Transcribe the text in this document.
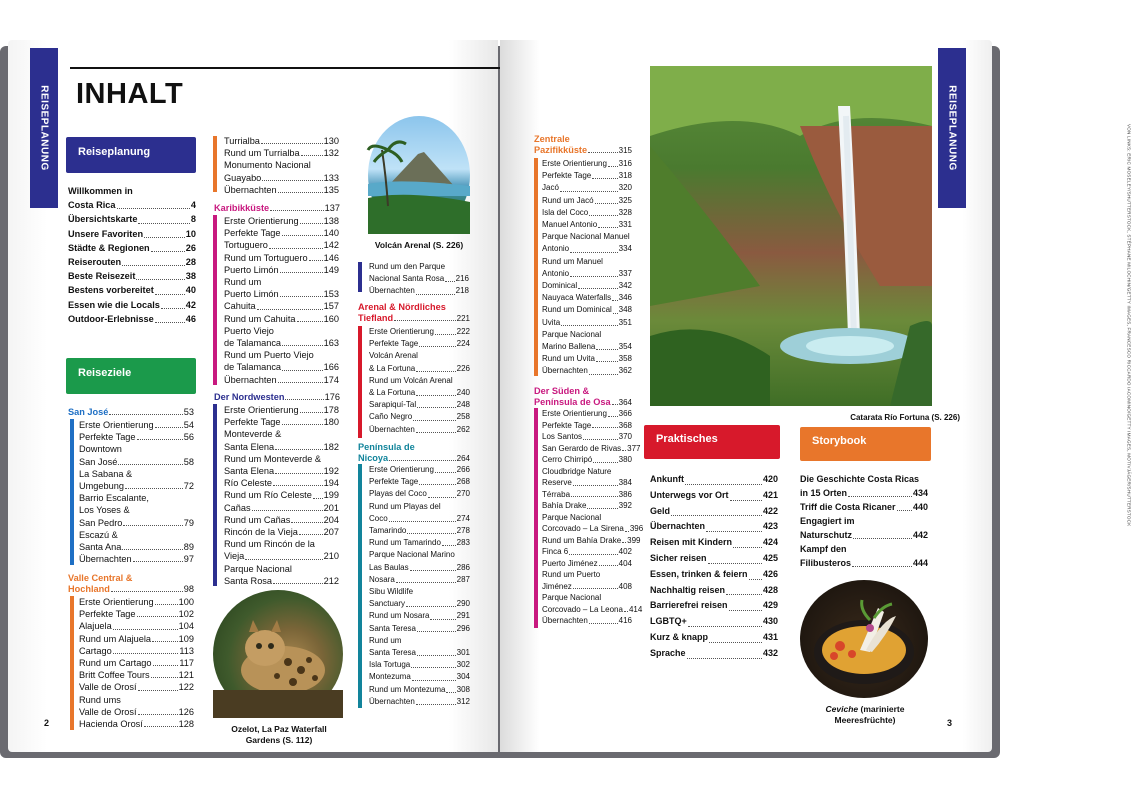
REISEPLANUNG INHALT
Reiseplanung
Willkommen in
Costa Rica	4
Übersichtskarte	8
Unsere Favoriten	10
Städte & Regionen	26
Reiserouten	28
Beste Reisezeit	38
Bestens vorbereitet	40
Essen wie die Locals	42
Outdoor-Erlebnisse	46
Reiseziele
San José	53
Erste Orientierung	54
Perfekte Tage	56
Downtown
San José	58
La Sabana &
Umgebung	72
Barrio Escalante,
Los Yoses &
San Pedro	79
Escazú &
Santa Ana	89
Übernachten	97
Valle Central &
Hochland	98
Erste Orientierung	100
Perfekte Tage	102
Alajuela	104
Rund um Alajuela	109
Cartago	113
Rund um Cartago	117
Britt Coffee Tours	121
Valle de Orosí	122
Rund ums
Valle de Orosí	126
Hacienda Orosí	128
Turrialba	130
Rund um Turrialba	132
Monumento Nacional
Guayabo	133
Übernachten	135
Karibikküste	137
Erste Orientierung	138
Perfekte Tage	140
Tortuguero	142
Rund um Tortuguero 146
Puerto Limón	149
Rund um
Puerto Limón	153
Cahuita	157
Rund um Cahuita	160
Puerto Viejo
de Talamanca	163
Rund um Puerto Viejo
de Talamanca	166
Übernachten	174
Der Nordwesten	176
Erste Orientierung	178
Perfekte Tage	180
Monteverde &
Santa Elena	182
Rund um Monteverde &
Santa Elena	192
Río Celeste	194
Rund um Río Celeste 199
Cañas	201
Rund um Cañas	204
Rincón de la Vieja	207
Rund um Rincón de la
Vieja	210
Parque Nacional
Santa Rosa	212
Ozelot, La Paz Waterfall
Gardens (S. 112)
Volcán Arenal (S. 226)
Rund um den Parque
Nacional Santa Rosa 216
Übernachten	218
Arenal & Nördliches
Tiefland	221
Erste Orientierung	222
Perfekte Tage	224
Volcán Arenal
& La Fortuna	226
Rund um Volcán Arenal
& La Fortuna	240
Sarapiquí-Tal	248
Caño Negro	258
Übernachten	262
Península de
Nicoya	264
Erste Orientierung	266
Perfekte Tage	268
Playas del Coco	270
Rund um Playas del
Coco	274
Tamarindo	278
Rund um Tamarindo 283
Parque Nacional Marino
Las Baulas	286
Nosara	287
Sibu Wildlife
Sanctuary	290
Rund um Nosara	291
Santa Teresa	296
Rund um
Santa Teresa	301
Isla Tortuga	302
Montezuma	304
Rund um Montezuma 308
Übernachten	312
2
REISEPLANUNG
Zentrale
Pazifikküste	315
Erste Orientierung 316
Perfekte Tage	318
Jacó	320
Rund um Jacó	325
Isla del Coco	328
Manuel Antonio	331
Parque Nacional Manuel
Antonio	334
Rund um Manuel
Antonio	337
Dominical	342
Nauyaca Waterfalls 346
Rund um Dominical 348
Uvita	351
Parque Nacional
Marino Ballena	354
Rund um Uvita	358
Übernachten	362
Der Süden &
Península de Osa 364
Erste Orientierung 366
Perfekte Tage	368
Los Santos	370
San Gerardo de Rivas 377
Cerro Chirripó	380
Cloudbridge Nature
Reserve	384
Térraba	386
Bahía Drake	392
Parque Nacional
Corcovado – La Sirena 396
Rund um Bahía Drake 399
Finca 6	402
Puerto Jiménez	404
Rund um Puerto
Jiménez	408
Parque Nacional
Corcovado – La Leona 414
Übernachten	416
VON LINKS: ERIC MOSELEY/SHUTTERSTOCK, STÉPHANE MILOCHIN/GETTY IMAGES, FRANCESCO RICCARDO IACOMINO/GETTY IMAGES, MOTIVJÄGER/SHUTTERSTOCK
Catarata Río Fortuna (S. 226)
Praktisches
Ankunft	420
Unterwegs vor Ort	421
Geld	422
Übernachten	423
Reisen mit Kindern	424
Sicher reisen	425
Essen, trinken & feiern 426
Nachhaltig reisen	428
Barrierefrei reisen	429
LGBTQ+	430
Kurz & knapp	431
Sprache	432
Storybook
Die Geschichte Costa Ricas
in 15 Orten	434
Triff die Costa Ricaner 440
Engagiert im
Naturschutz	442
Kampf den
Filibusteros	444
Ceviche (marinierte
Meeresfrüchte)	3
